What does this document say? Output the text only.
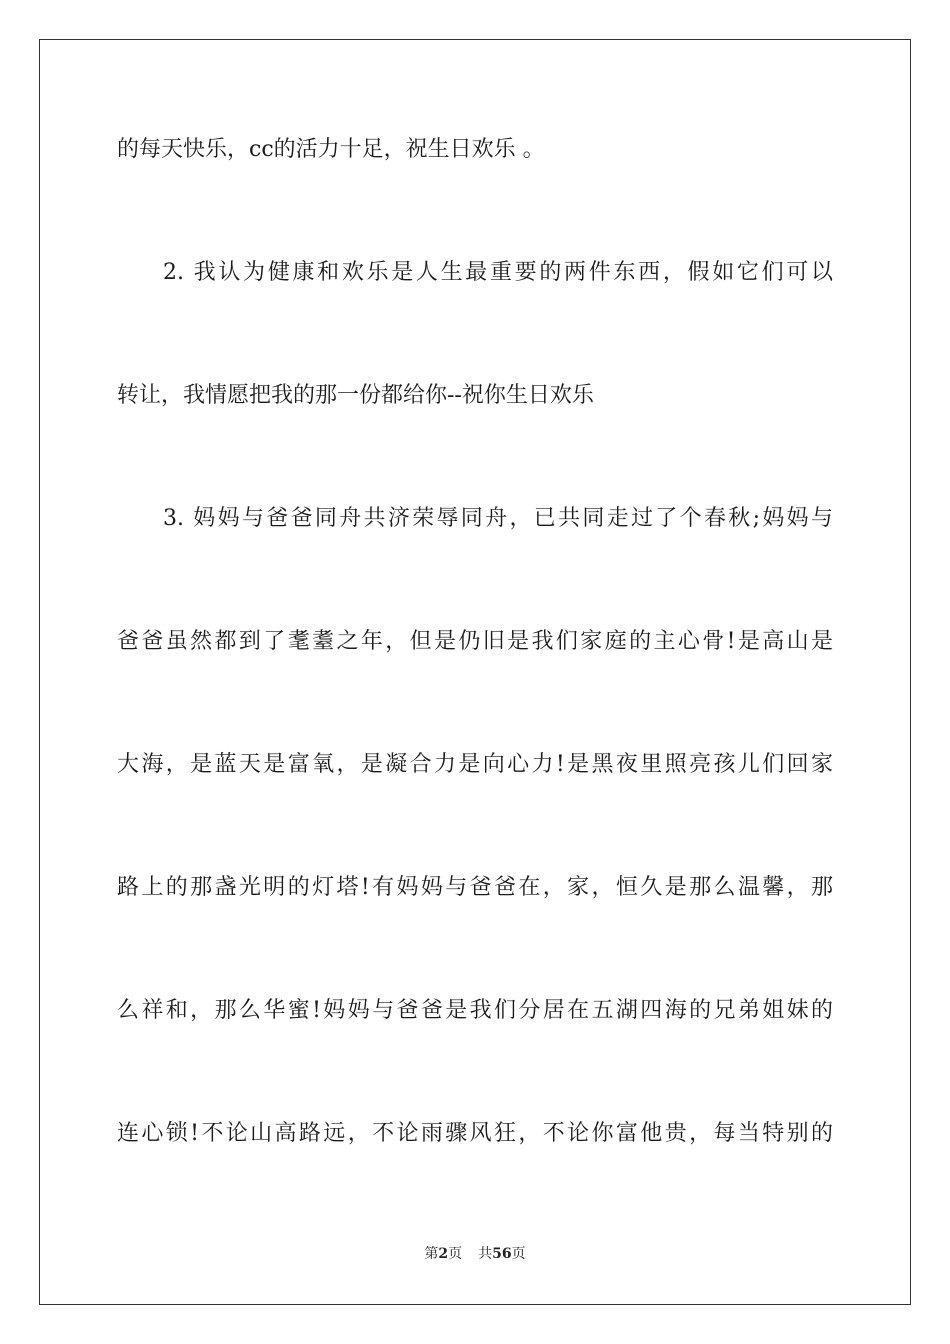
的每天快乐，cc的活力十足，祝生日欢乐 。
2. 我认为健康和欢乐是人生最重要的两件东西，假如它们可以
转让，我情愿把我的那一份都给你--祝你生日欢乐
3. 妈妈与爸爸同舟共济荣辱同舟，已共同走过了个春秋;妈妈与
爸爸虽然都到了耄耋之年，但是仍旧是我们家庭的主心骨!是高山是
大海，是蓝天是富氧，是凝合力是向心力!是黑夜里照亮孩儿们回家
路上的那盏光明的灯塔!有妈妈与爸爸在，家，恒久是那么温馨，那
么祥和，那么华蜜!妈妈与爸爸是我们分居在五湖四海的兄弟姐妹的
连心锁!不论山高路远，不论雨骤风狂，不论你富他贵，每当特别的
第2页 共56页
